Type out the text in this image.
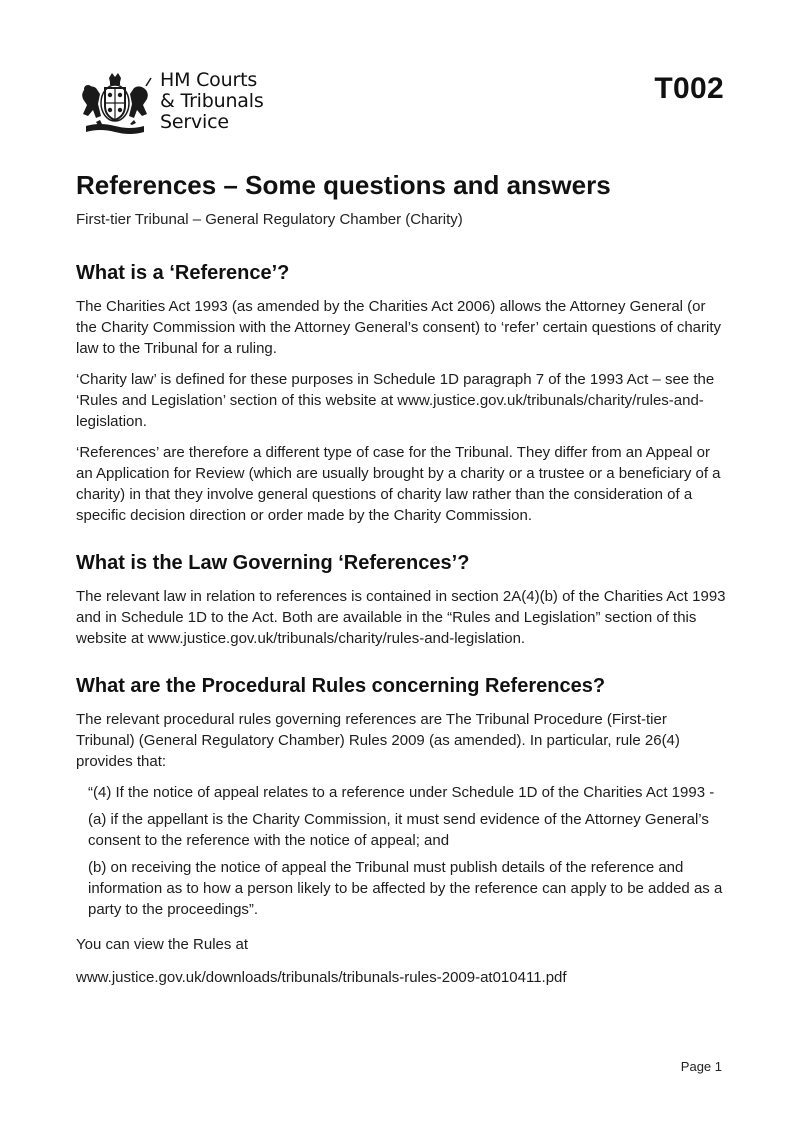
HM Courts
& Tribunals
Service
T002
References – Some questions and answers

First-tier Tribunal – General Regulatory Chamber (Charity)

What is a ‘Reference’?

The Charities Act 1993 (as amended by the Charities Act 2006) allows the Attorney General (or the Charity Commission with the Attorney General’s consent) to ‘refer’ certain questions of charity law to the Tribunal for a ruling.

‘Charity law’ is defined for these purposes in Schedule 1D paragraph 7 of the 1993 Act – see the ‘Rules and Legislation’ section of this website at www.justice.gov.uk/tribunals/charity/rules-and-legislation.

‘References’ are therefore a different type of case for the Tribunal. They differ from an Appeal or an Application for Review (which are usually brought by a charity or a trustee or a beneficiary of a charity) in that they involve general questions of charity law rather than the consideration of a specific decision direction or order made by the Charity Commission.

What is the Law Governing ‘References’?

The relevant law in relation to references is contained in section 2A(4)(b) of the Charities Act 1993 and in Schedule 1D to the Act. Both are available in the “Rules and Legislation” section of this website at www.justice.gov.uk/tribunals/charity/rules-and-legislation.

What are the Procedural Rules concerning References?

The relevant procedural rules governing references are The Tribunal Procedure (First-tier Tribunal) (General Regulatory Chamber) Rules 2009 (as amended). In particular, rule 26(4) provides that:

“(4) If the notice of appeal relates to a reference under Schedule 1D of the Charities Act 1993 -

(a) if the appellant is the Charity Commission, it must send evidence of the Attorney General’s consent to the reference with the notice of appeal; and

(b) on receiving the notice of appeal the Tribunal must publish details of the reference and information as to how a person likely to be affected by the reference can apply to be added as a party to the proceedings”.

You can view the Rules at

www.justice.gov.uk/downloads/tribunals/tribunals-rules-2009-at010411.pdf

Page 1
